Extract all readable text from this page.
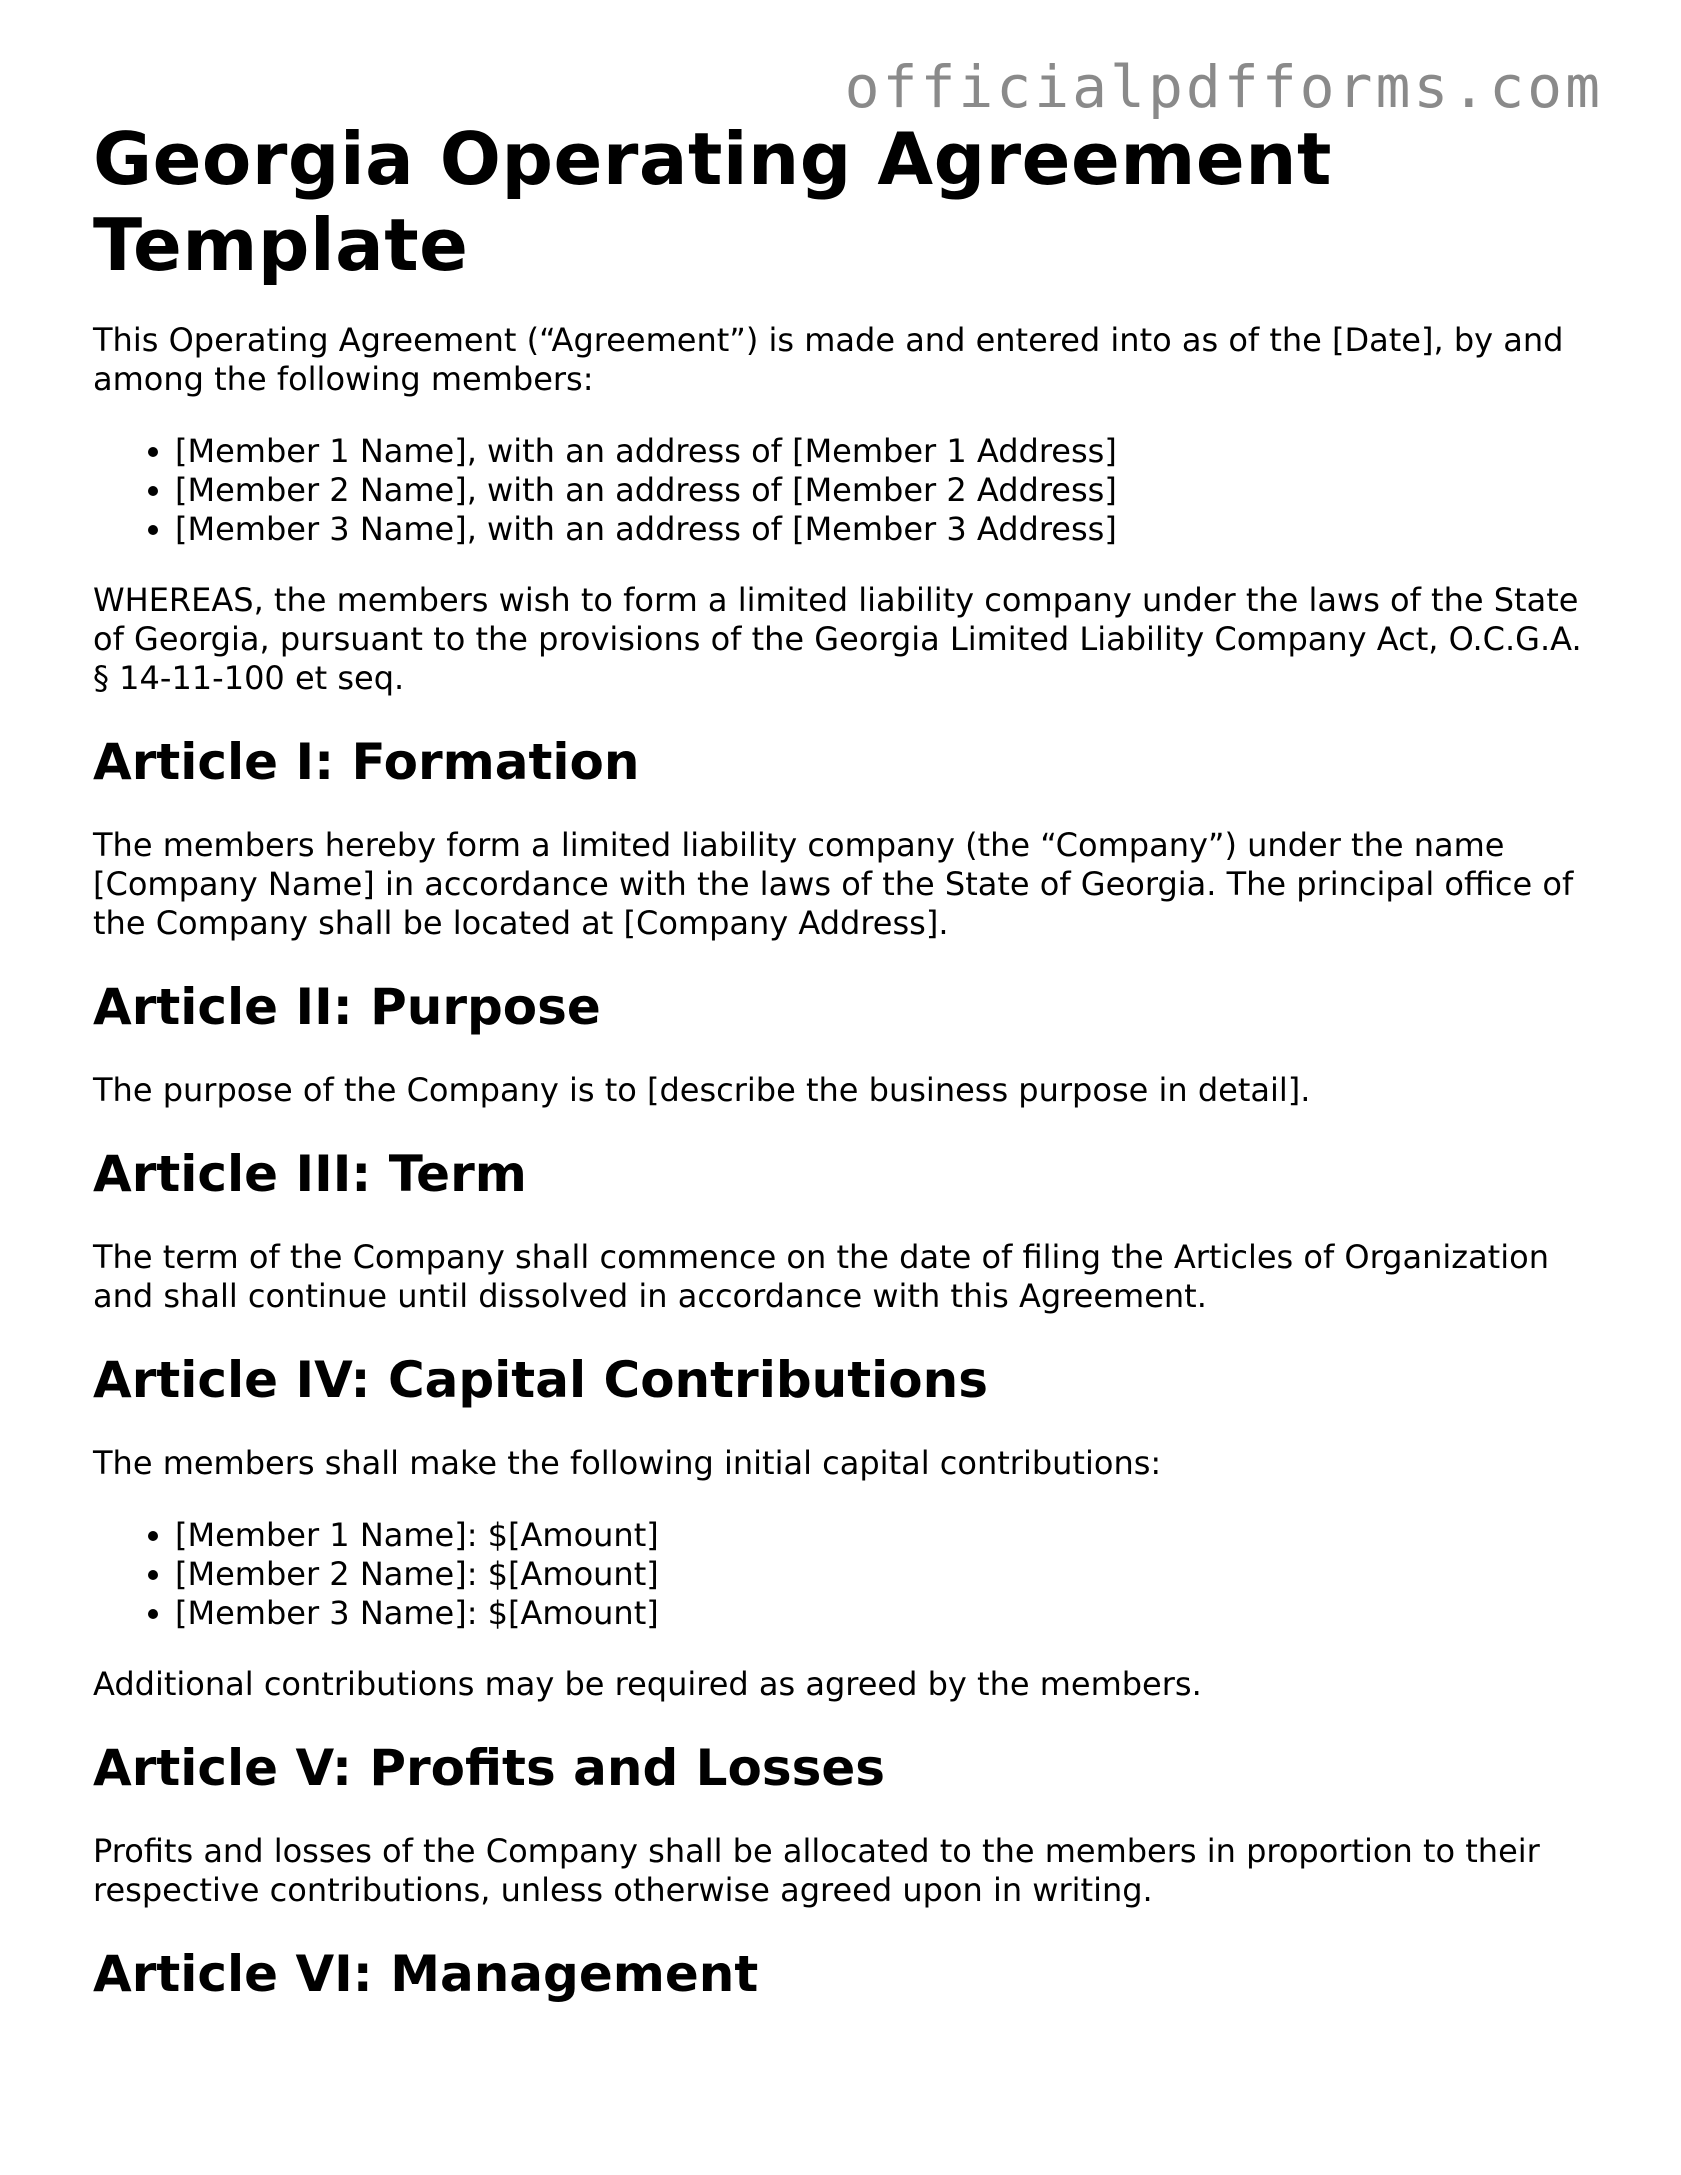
officialpdfforms.com
Georgia Operating Agreement Template

This Operating Agreement (“Agreement”) is made and entered into as of the [Date], by and among the following members:

• [Member 1 Name], with an address of [Member 1 Address]
• [Member 2 Name], with an address of [Member 2 Address]
• [Member 3 Name], with an address of [Member 3 Address]

WHEREAS, the members wish to form a limited liability company under the laws of the State of Georgia, pursuant to the provisions of the Georgia Limited Liability Company Act, O.C.G.A. § 14-11-100 et seq.

Article I: Formation

The members hereby form a limited liability company (the “Company”) under the name [Company Name] in accordance with the laws of the State of Georgia. The principal office of the Company shall be located at [Company Address].

Article II: Purpose

The purpose of the Company is to [describe the business purpose in detail].

Article III: Term

The term of the Company shall commence on the date of filing the Articles of Organization and shall continue until dissolved in accordance with this Agreement.

Article IV: Capital Contributions

The members shall make the following initial capital contributions:

• [Member 1 Name]: $[Amount]
• [Member 2 Name]: $[Amount]
• [Member 3 Name]: $[Amount]

Additional contributions may be required as agreed by the members.

Article V: Profits and Losses

Profits and losses of the Company shall be allocated to the members in proportion to their respective contributions, unless otherwise agreed upon in writing.

Article VI: Management
